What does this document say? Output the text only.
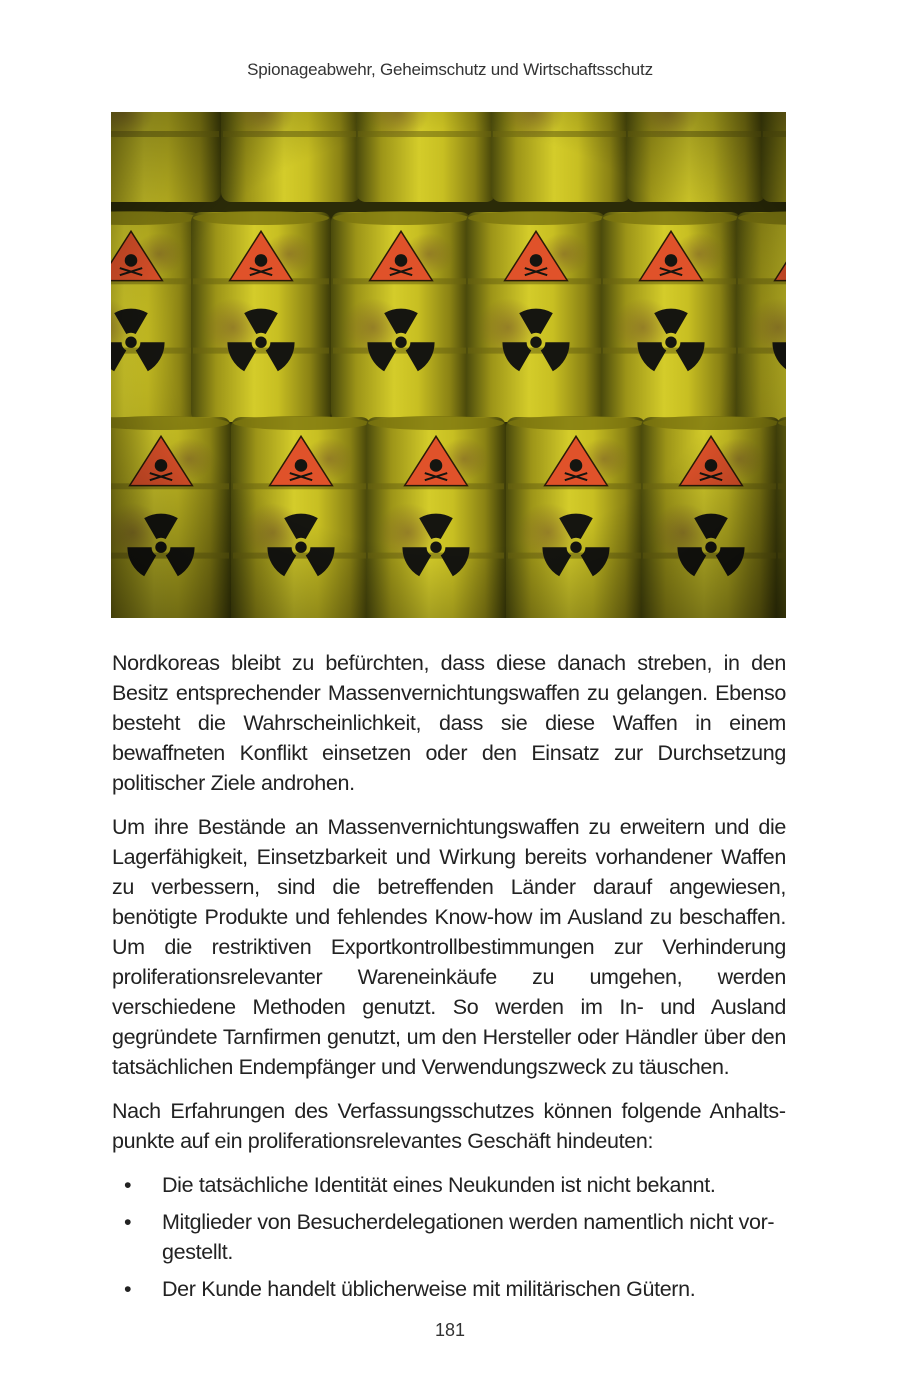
Spionageabwehr, Geheimschutz und Wirtschaftsschutz

Nordkoreas bleibt zu befürchten, dass diese danach streben, in den Besitz entsprechender Massenvernichtungswaffen zu gelangen. Ebenso besteht die Wahrscheinlichkeit, dass sie diese Waffen in einem bewaffneten Konflikt einsetzen oder den Einsatz zur Durchsetzung politischer Ziele androhen.

Um ihre Bestände an Massenvernichtungswaffen zu erweitern und die Lagerfähigkeit, Einsetzbarkeit und Wirkung bereits vorhandener Waffen zu verbessern, sind die betreffenden Länder darauf angewiesen, benötigte Produkte und fehlendes Know-how im Ausland zu beschaffen. Um die restriktiven Exportkontrollbestimmungen zur Verhinderung proliferationsrelevanter Wareneinkäufe zu umgehen, werden verschiedene Methoden genutzt. So werden im In- und Ausland gegründete Tarnfirmen genutzt, um den Hersteller oder Händler über den tatsächlichen Endempfänger und Verwendungszweck zu täuschen.

Nach Erfahrungen des Verfassungsschutzes können folgende Anhaltspunkte auf ein proliferationsrelevantes Geschäft hindeuten:

• Die tatsächliche Identität eines Neukunden ist nicht bekannt.
• Mitglieder von Besucherdelegationen werden namentlich nicht vorgestellt.
• Der Kunde handelt üblicherweise mit militärischen Gütern.
181
